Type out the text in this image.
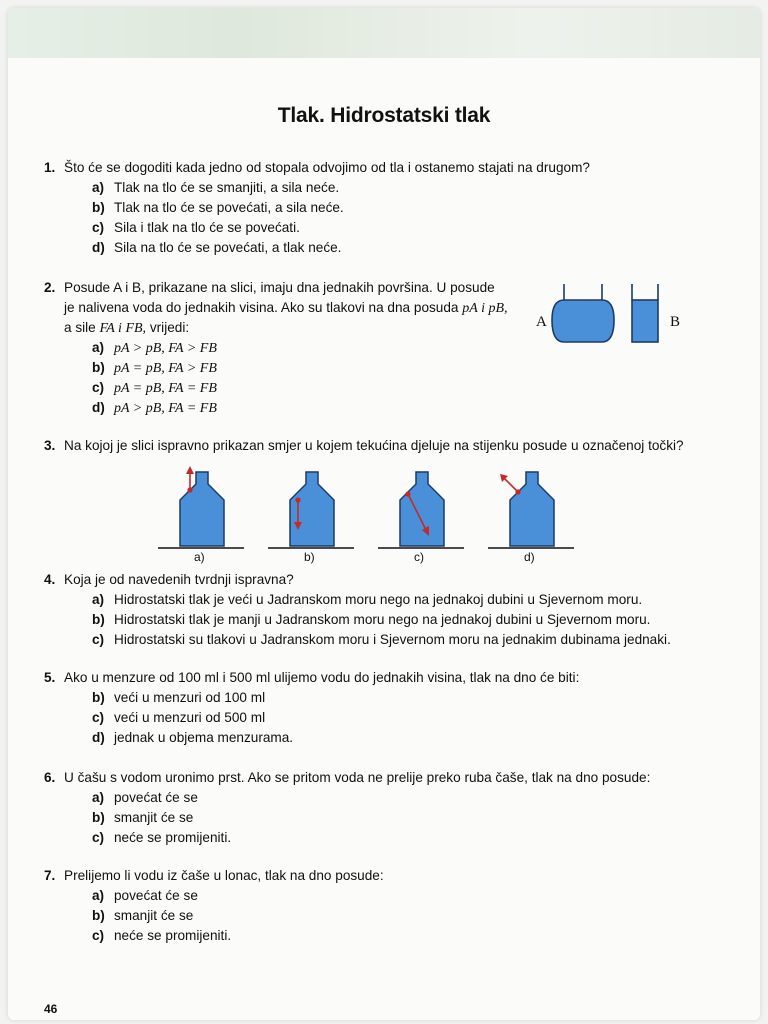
Tlak. Hidrostatski tlak
1. Što će se dogoditi kada jedno od stopala odvojimo od tla i ostanemo stajati na drugom?
a) Tlak na tlo će se smanjiti, a sila neće.
b) Tlak na tlo će se povećati, a sila neće.
c) Sila i tlak na tlo će se povećati.
d) Sila na tlo će se povećati, a tlak neće.
2. Posude A i B, prikazane na slici, imaju dna jednakih površina. U posude
je nalivena voda do jednakih visina. Ako su tlakovi na dna posuda pA i pB,
a sile FA i FB, vrijedi:
a) pA > pB, FA > FB
b) pA = pB, FA > FB
c) pA = pB, FA = FB
d) pA > pB, FA = FB
A	B
3. Na kojoj je slici ispravno prikazan smjer u kojem tekućina djeluje na stijenku posude u označenoj točki?
a)	b)	c)	d)
4. Koja je od navedenih tvrdnji ispravna?
a) Hidrostatski tlak je veći u Jadranskom moru nego na jednakoj dubini u Sjevernom moru.
b) Hidrostatski tlak je manji u Jadranskom moru nego na jednakoj dubini u Sjevernom moru.
c) Hidrostatski su tlakovi u Jadranskom moru i Sjevernom moru na jednakim dubinama jednaki.
5. Ako u menzure od 100 ml i 500 ml ulijemo vodu do jednakih visina, tlak na dno će biti:
b) veći u menzuri od 100 ml
c) veći u menzuri od 500 ml
d) jednak u objema menzurama.
6. U čašu s vodom uronimo prst. Ako se pritom voda ne prelije preko ruba čaše, tlak na dno posude:
a) povećat će se
b) smanjit će se
c) neće se promijeniti.
7. Prelijemo li vodu iz čaše u lonac, tlak na dno posude:
a) povećat će se
b) smanjit će se
c) neće se promijeniti.
46
